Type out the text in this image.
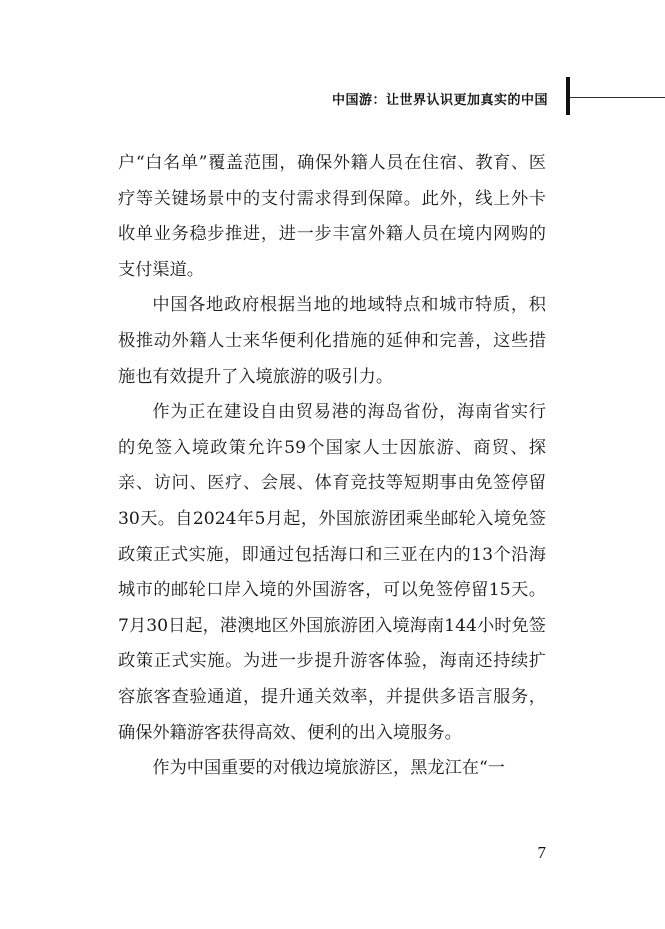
中国游：让世界认识更加真实的中国

户“白名单”覆盖范围，确保外籍人员在住宿、教育、医疗等关键场景中的支付需求得到保障。此外，线上外卡收单业务稳步推进，进一步丰富外籍人员在境内网购的支付渠道。

中国各地政府根据当地的地域特点和城市特质，积极推动外籍人士来华便利化措施的延伸和完善，这些措施也有效提升了入境旅游的吸引力。

作为正在建设自由贸易港的海岛省份，海南省实行的免签入境政策允许59个国家人士因旅游、商贸、探亲、访问、医疗、会展、体育竞技等短期事由免签停留30天。自2024年5月起，外国旅游团乘坐邮轮入境免签政策正式实施，即通过包括海口和三亚在内的13个沿海城市的邮轮口岸入境的外国游客，可以免签停留15天。7月30日起，港澳地区外国旅游团入境海南144小时免签政策正式实施。为进一步提升游客体验，海南还持续扩容旅客查验通道，提升通关效率，并提供多语言服务，确保外籍游客获得高效、便利的出入境服务。

作为中国重要的对俄边境旅游区，黑龙江在“一

7
